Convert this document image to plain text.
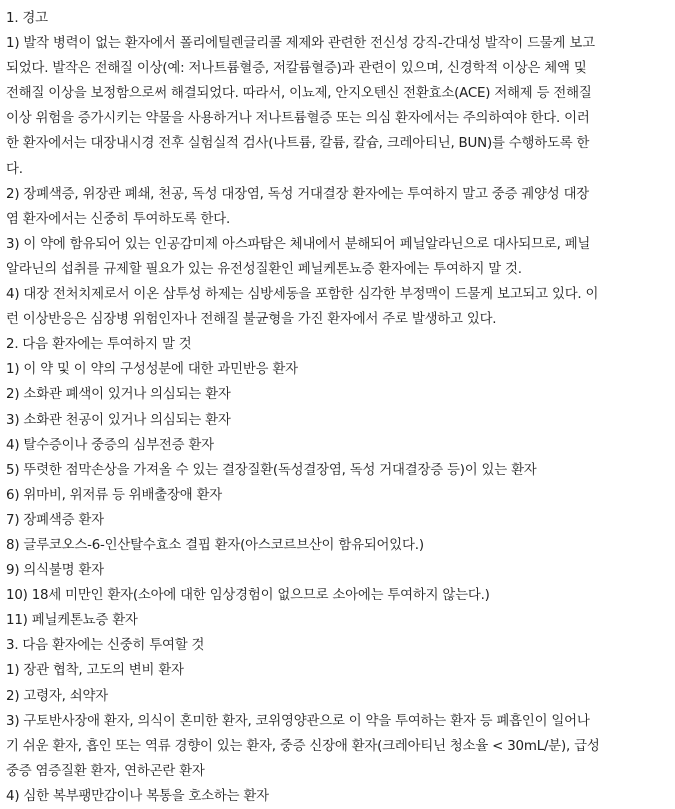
1. 경고
1) 발작 병력이 없는 환자에서 폴리에틸렌글리콜 제제와 관련한 전신성 강직-간대성 발작이 드물게 보고
되었다. 발작은 전해질 이상(예: 저나트륨혈증, 저칼륨혈증)과 관련이 있으며, 신경학적 이상은 체액 및
전해질 이상을 보정함으로써 해결되었다. 따라서, 이뇨제, 안지오텐신 전환효소(ACE) 저해제 등 전해질
이상 위험을 증가시키는 약물을 사용하거나 저나트륨혈증 또는 의심 환자에서는 주의하여야 한다. 이러
한 환자에서는 대장내시경 전후 실험실적 검사(나트륨, 칼륨, 칼슘, 크레아티닌, BUN)를 수행하도록 한
다.
2) 장폐색증, 위장관 폐쇄, 천공, 독성 대장염, 독성 거대결장 환자에는 투여하지 말고 중증 궤양성 대장
염 환자에서는 신중히 투여하도록 한다.
3) 이 약에 함유되어 있는 인공감미제 아스파탐은 체내에서 분해되어 페닐알라닌으로 대사되므로, 페닐
알라닌의 섭취를 규제할 필요가 있는 유전성질환인 페닐케톤뇨증 환자에는 투여하지 말 것.
4) 대장 전처치제로서 이온 삼투성 하제는 심방세동을 포함한 심각한 부정맥이 드물게 보고되고 있다. 이
런 이상반응은 심장병 위험인자나 전해질 불균형을 가진 환자에서 주로 발생하고 있다.
2. 다음 환자에는 투여하지 말 것
1) 이 약 및 이 약의 구성성분에 대한 과민반응 환자
2) 소화관 폐색이 있거나 의심되는 환자
3) 소화관 천공이 있거나 의심되는 환자
4) 탈수증이나 중증의 심부전증 환자
5) 뚜렷한 점막손상을 가져올 수 있는 결장질환(독성결장염, 독성 거대결장증 등)이 있는 환자
6) 위마비, 위저류 등 위배출장애 환자
7) 장폐색증 환자
8) 글루코오스-6-인산탈수효소 결핍 환자(아스코르브산이 함유되어있다.)
9) 의식불명 환자
10) 18세 미만인 환자(소아에 대한 임상경험이 없으므로 소아에는 투여하지 않는다.)
11) 페닐케톤뇨증 환자
3. 다음 환자에는 신중히 투여할 것
1) 장관 협착, 고도의 변비 환자
2) 고령자, 쇠약자
3) 구토반사장애 환자, 의식이 혼미한 환자, 코위영양관으로 이 약을 투여하는 환자 등 폐흡인이 일어나
기 쉬운 환자, 흡인 또는 역류 경향이 있는 환자, 중증 신장애 환자(크레아티닌 청소율 < 30mL/분), 급성
중증 염증질환 환자, 연하곤란 환자
4) 심한 복부팽만감이나 복통을 호소하는 환자
